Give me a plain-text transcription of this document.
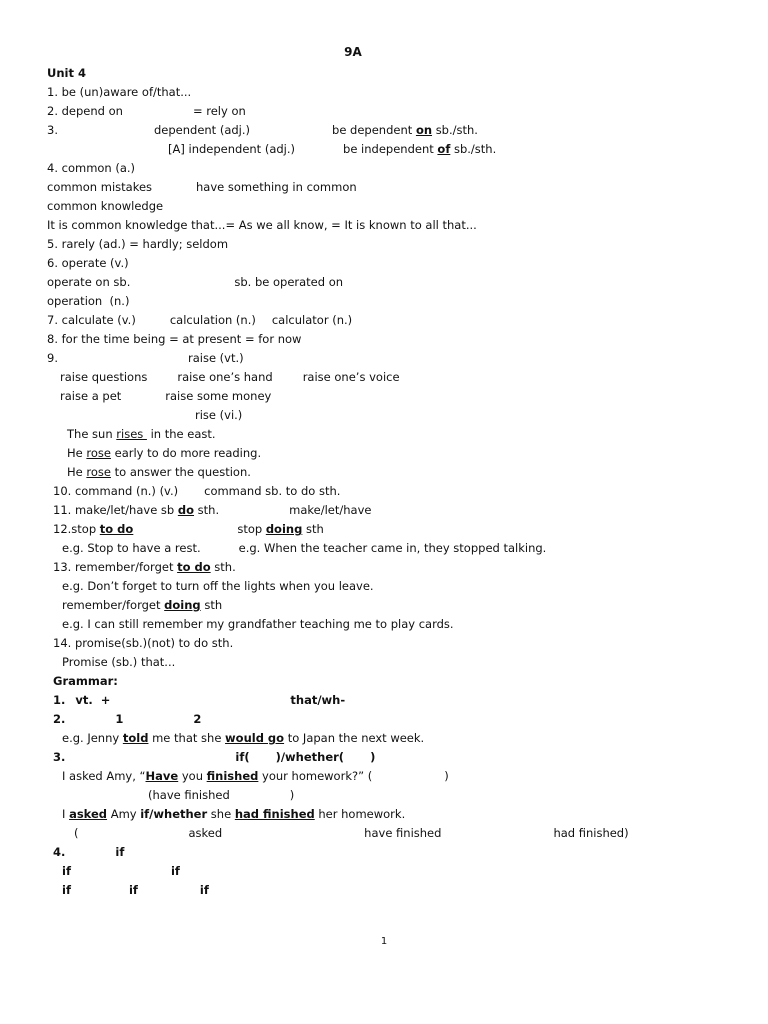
9A
Unit 4
1. be (un)aware of/that...
2. depend on	= rely on
3.	dependent (adj.)	be dependent on sb./sth.
[A] independent (adj.)	be independent of sb./sth.
4. common (a.)
common mistakes	have something in common
common knowledge
It is common knowledge that...= As we all know, = It is known to all that...
5. rarely (ad.) = hardly; seldom
6. operate (v.)
operate on sb.	sb. be operated on
operation  (n.)
7. calculate (v.)	calculation (n.) calculator (n.)
8. for the time being = at present = for now
9.	raise (vt.)
raise questions	raise one’s hand	raise one’s voice
raise a pet	raise some money
rise (vi.)
The sun rises  in the east.
He rose early to do more reading.
He rose to answer the question.
10. command (n.) (v.) command sb. to do sth.
11. make/let/have sb do sth.	make/let/have
12.stop to do	stop doing sth
e.g. Stop to have a rest.	e.g. When the teacher came in, they stopped talking.
13. remember/forget to do sth.
e.g. Don’t forget to turn off the lights when you leave.
remember/forget doing sth
e.g. I can still remember my grandfather teaching me to play cards.
14. promise(sb.)(not) to do sth.
Promise (sb.) that...
Grammar:
1. vt. +	that/wh-
2.	1	2
e.g. Jenny told me that she would go to Japan the next week.
3.	if( )/whether( )
I asked Amy, “Have you finished your homework?” (	)
(have finished	)
I asked Amy if/whether she had finished her homework.
(	asked	have finished	had finished)
4.	if
if	if
if	if	if
1
